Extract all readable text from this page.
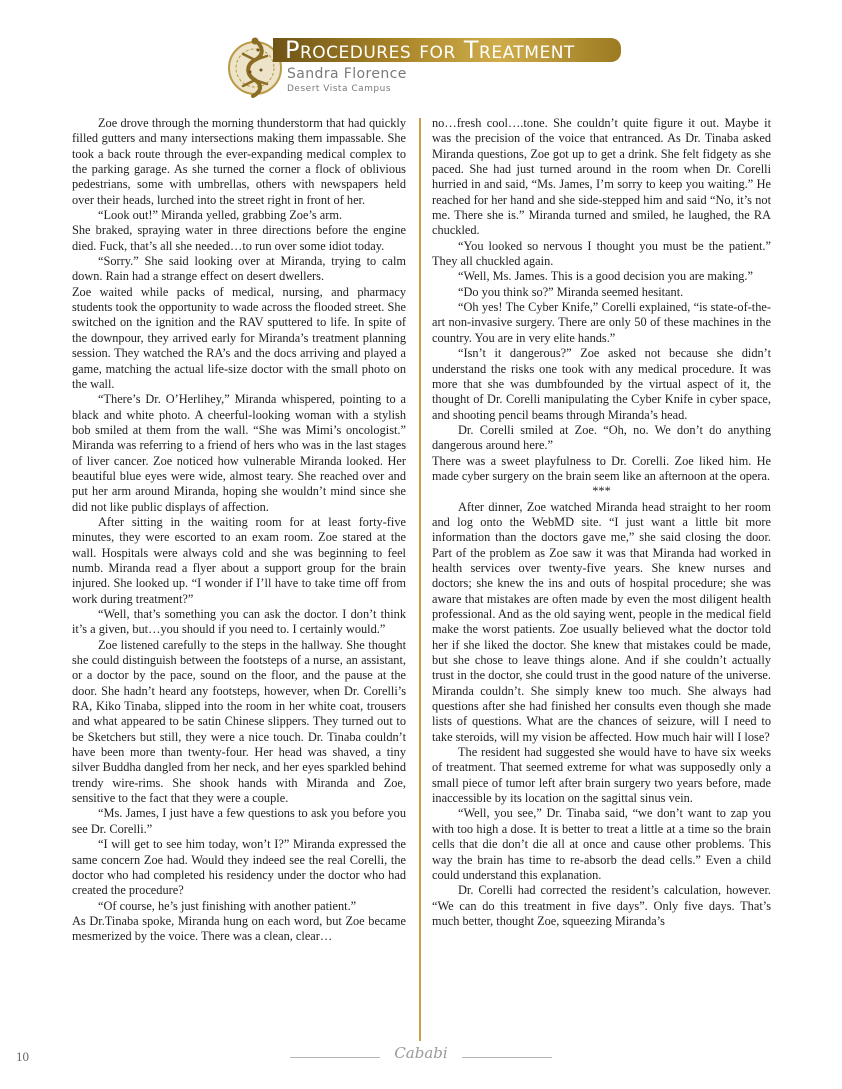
Procedures for Treatment
Sandra Florence
Desert Vista Campus

Zoe drove through the morning thunderstorm that had quickly filled gutters and many intersections making them impassable. She took a back route through the ever-expanding medical complex to the parking garage. As she turned the corner a flock of oblivious pedestrians, some with umbrellas, others with newspapers held over their heads, lurched into the street right in front of her.

“Look out!” Miranda yelled, grabbing Zoe’s arm.

She braked, spraying water in three directions before the engine died. Fuck, that’s all she needed…to run over some idiot today.

“Sorry.” She said looking over at Miranda, trying to calm down. Rain had a strange effect on desert dwellers.

Zoe waited while packs of medical, nursing, and pharmacy students took the opportunity to wade across the flooded street. She switched on the ignition and the RAV sputtered to life. In spite of the downpour, they arrived early for Miranda’s treatment planning session. They watched the RA’s and the docs arriving and played a game, matching the actual life-size doctor with the small photo on the wall.

“There’s Dr. O’Herlihey,” Miranda whispered, pointing to a black and white photo. A cheerful-looking woman with a stylish bob smiled at them from the wall. “She was Mimi’s oncologist.” Miranda was referring to a friend of hers who was in the last stages of liver cancer. Zoe noticed how vulnerable Miranda looked. Her beautiful blue eyes were wide, almost teary. She reached over and put her arm around Miranda, hoping she wouldn’t mind since she did not like public displays of affection.

After sitting in the waiting room for at least forty-five minutes, they were escorted to an exam room. Zoe stared at the wall. Hospitals were always cold and she was beginning to feel numb. Miranda read a flyer about a support group for the brain injured. She looked up. “I wonder if I’ll have to take time off from work during treatment?”

“Well, that’s something you can ask the doctor. I don’t think it’s a given, but…you should if you need to. I certainly would.”

Zoe listened carefully to the steps in the hallway. She thought she could distinguish between the footsteps of a nurse, an assistant, or a doctor by the pace, sound on the floor, and the pause at the door. She hadn’t heard any footsteps, however, when Dr. Corelli’s RA, Kiko Tinaba, slipped into the room in her white coat, trousers and what appeared to be satin Chinese slippers. They turned out to be Sketchers but still, they were a nice touch. Dr. Tinaba couldn’t have been more than twenty-four. Her head was shaved, a tiny silver Buddha dangled from her neck, and her eyes sparkled behind trendy wire-rims. She shook hands with Miranda and Zoe, sensitive to the fact that they were a couple.

“Ms. James, I just have a few questions to ask you before you see Dr. Corelli.”

“I will get to see him today, won’t I?” Miranda expressed the same concern Zoe had. Would they indeed see the real Corelli, the doctor who had completed his residency under the doctor who had created the procedure?

“Of course, he’s just finishing with another patient.”

As Dr.Tinaba spoke, Miranda hung on each word, but Zoe became mesmerized by the voice. There was a clean, clear…

no…fresh cool….tone. She couldn’t quite figure it out. Maybe it was the precision of the voice that entranced. As Dr. Tinaba asked Miranda questions, Zoe got up to get a drink. She felt fidgety as she paced. She had just turned around in the room when Dr. Corelli hurried in and said, “Ms. James, I’m sorry to keep you waiting.” He reached for her hand and she side-stepped him and said “No, it’s not me. There she is.” Miranda turned and smiled, he laughed, the RA chuckled.

“You looked so nervous I thought you must be the patient.” They all chuckled again.

“Well, Ms. James. This is a good decision you are making.”

“Do you think so?” Miranda seemed hesitant.

“Oh yes! The Cyber Knife,” Corelli explained, “is state-of-the-art non-invasive surgery. There are only 50 of these machines in the country. You are in very elite hands.”

“Isn’t it dangerous?” Zoe asked not because she didn’t understand the risks one took with any medical procedure. It was more that she was dumbfounded by the virtual aspect of it, the thought of Dr. Corelli manipulating the Cyber Knife in cyber space, and shooting pencil beams through Miranda’s head.

Dr. Corelli smiled at Zoe. “Oh, no. We don’t do anything dangerous around here.”

There was a sweet playfulness to Dr. Corelli. Zoe liked him. He made cyber surgery on the brain seem like an afternoon at the opera.

***

After dinner, Zoe watched Miranda head straight to her room and log onto the WebMD site. “I just want a little bit more information than the doctors gave me,” she said closing the door. Part of the problem as Zoe saw it was that Miranda had worked in health services over twenty-five years. She knew nurses and doctors; she knew the ins and outs of hospital procedure; she was aware that mistakes are often made by even the most diligent health professional. And as the old saying went, people in the medical field make the worst patients. Zoe usually believed what the doctor told her if she liked the doctor. She knew that mistakes could be made, but she chose to leave things alone. And if she couldn’t actually trust in the doctor, she could trust in the good nature of the universe. Miranda couldn’t. She simply knew too much. She always had questions after she had finished her consults even though she made lists of questions. What are the chances of seizure, will I need to take steroids, will my vision be affected. How much hair will I lose?

The resident had suggested she would have to have six weeks of treatment. That seemed extreme for what was supposedly only a small piece of tumor left after brain surgery two years before, made inaccessible by its location on the sagittal sinus vein.

“Well, you see,” Dr. Tinaba said, “we don’t want to zap you with too high a dose. It is better to treat a little at a time so the brain cells that die don’t die all at once and cause other problems. This way the brain has time to re-absorb the dead cells.” Even a child could understand this explanation.

Dr. Corelli had corrected the resident’s calculation, however. “We can do this treatment in five days”. Only five days. That’s much better, thought Zoe, squeezing Miranda’s

10	Cababi
